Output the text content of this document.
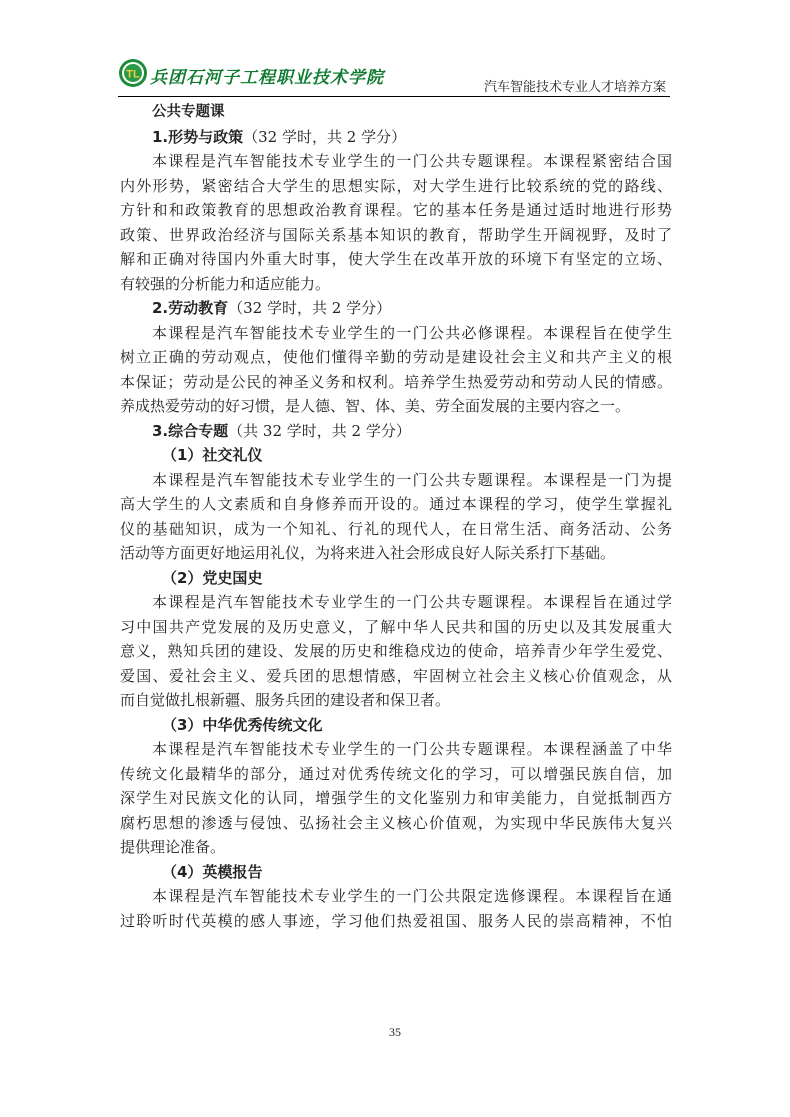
TL 兵团石河子工程职业技术学院	汽车智能技术专业人才培养方案
公共专题课
1.形势与政策（32 学时，共 2 学分）
本课程是汽车智能技术专业学生的一门公共专题课程。本课程紧密结合国
内外形势，紧密结合大学生的思想实际，对大学生进行比较系统的党的路线、
方针和和政策教育的思想政治教育课程。它的基本任务是通过适时地进行形势
政策、世界政治经济与国际关系基本知识的教育，帮助学生开阔视野，及时了
解和正确对待国内外重大时事，使大学生在改革开放的环境下有坚定的立场、
有较强的分析能力和适应能力。
2.劳动教育（32 学时，共 2 学分）
本课程是汽车智能技术专业学生的一门公共必修课程。本课程旨在使学生
树立正确的劳动观点，使他们懂得辛勤的劳动是建设社会主义和共产主义的根
本保证；劳动是公民的神圣义务和权利。培养学生热爱劳动和劳动人民的情感。
养成热爱劳动的好习惯，是人德、智、体、美、劳全面发展的主要内容之一。
3.综合专题（共 32 学时，共 2 学分）
（1）社交礼仪
本课程是汽车智能技术专业学生的一门公共专题课程。本课程是一门为提
高大学生的人文素质和自身修养而开设的。通过本课程的学习，使学生掌握礼
仪的基础知识，成为一个知礼、行礼的现代人，在日常生活、商务活动、公务
活动等方面更好地运用礼仪，为将来进入社会形成良好人际关系打下基础。
（2）党史国史
本课程是汽车智能技术专业学生的一门公共专题课程。本课程旨在通过学
习中国共产党发展的及历史意义，了解中华人民共和国的历史以及其发展重大
意义，熟知兵团的建设、发展的历史和维稳戍边的使命，培养青少年学生爱党、
爱国、爱社会主义、爱兵团的思想情感，牢固树立社会主义核心价值观念，从
而自觉做扎根新疆、服务兵团的建设者和保卫者。
（3）中华优秀传统文化
本课程是汽车智能技术专业学生的一门公共专题课程。本课程涵盖了中华
传统文化最精华的部分，通过对优秀传统文化的学习，可以增强民族自信，加
深学生对民族文化的认同，增强学生的文化鉴别力和审美能力，自觉抵制西方
腐朽思想的渗透与侵蚀、弘扬社会主义核心价值观，为实现中华民族伟大复兴
提供理论准备。
（4）英模报告
本课程是汽车智能技术专业学生的一门公共限定选修课程。本课程旨在通
过聆听时代英模的感人事迹，学习他们热爱祖国、服务人民的崇高精神，不怕
35
